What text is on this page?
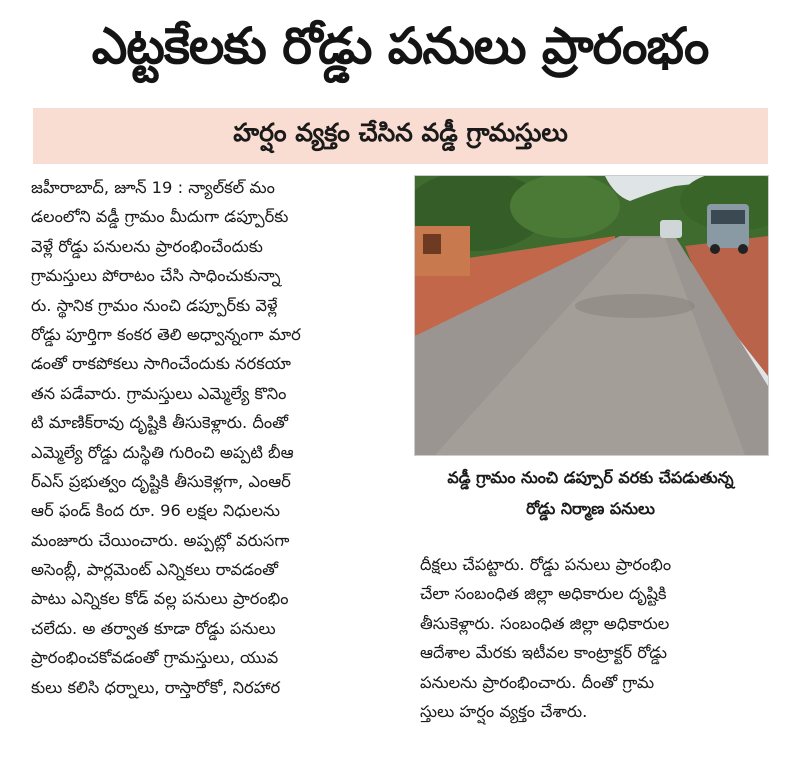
ఎట్టకేలకు రోడ్డు పనులు ప్రారంభం
హర్షం వ్యక్తం చేసిన వడ్డీ గ్రామస్తులు
జహీరాబాద్‌, జూన్‌ 19 : న్యాల్‌కల్‌ మం
డలంలోని వడ్డీ గ్రామం మీదుగా డప్పూర్‌కు
వెళ్లే రోడ్డు పనులను ప్రారంభించేందుకు
గ్రామస్తులు పోరాటం చేసి సాధించుకున్నా
రు. స్థానిక గ్రామం నుంచి డప్పూర్‌కు వెళ్లే
రోడ్డు పూర్తిగా కంకర తెలి అధ్వాన్నంగా మార
డంతో రాకపోకలు సాగించేందుకు నరకయా
తన పడేవారు. గ్రామస్తులు ఎమ్మెల్యే కొనిం
టి మాణిక్‌రావు దృష్టికి తీసుకెళ్లారు. దీంతో
ఎమ్మెల్యే రోడ్డు దుస్థితి గురించి అప్పటి బీఆ
ర్‌ఎస్‌ ప్రభుత్వం దృష్టికి తీసుకెళ్లగా, ఎంఆర్‌
ఆర్‌ ఫండ్‌ కింద రూ. 96 లక్షల నిధులను
మంజూరు చేయించారు. అప్పట్లో వరుసగా
అసెంబ్లీ, పార్లమెంట్‌ ఎన్నికలు రావడంతో
పాటు ఎన్నికల కోడ్‌ వల్ల పనులు ప్రారంభిం
చలేదు. అ తర్వాత కూడా రోడ్డు పనులు
ప్రారంభించకోవడంతో గ్రామస్తులు, యువ
కులు కలిసి ధర్నాలు, రాస్తారోకో, నిరహార
వడ్డీ గ్రామం నుంచి డప్పూర్‌ వరకు చేపడుతున్న
రోడ్డు నిర్మాణ పనులు
దీక్షలు చేపట్టారు. రోడ్డు పనులు ప్రారంభిం
చేలా సంబంధిత జిల్లా అధికారుల దృష్టికి
తీసుకెళ్లారు. సంబంధిత జిల్లా అధికారుల
ఆదేశాల మేరకు ఇటీవల కాంట్రాక్టర్‌ రోడ్డు
పనులను ప్రారంభించారు. దీంతో గ్రామ
స్తులు హర్షం వ్యక్తం చేశారు.
